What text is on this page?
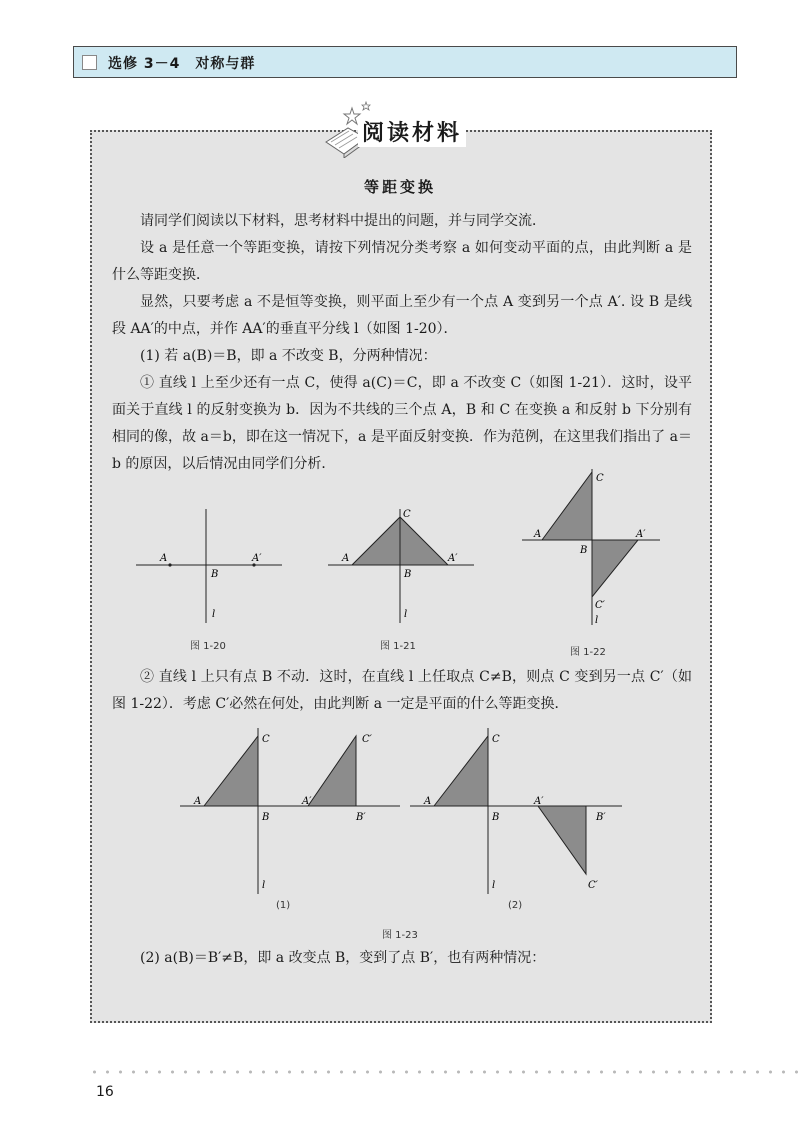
选修 3－4　对称与群
阅读材料
等距变换

请同学们阅读以下材料，思考材料中提出的问题，并与同学交流．

设 a 是任意一个等距变换，请按下列情况分类考察 a 如何变动平面的点，由此判断 a 是什么等距变换．

显然，只要考虑 a 不是恒等变换，则平面上至少有一个点 A 变到另一个点 A′. 设 B 是线段 AA′的中点，并作 AA′的垂直平分线 l（如图 1-20）．

(1) 若 a(B)＝B，即 a 不改变 B，分两种情况：

① 直线 l 上至少还有一点 C，使得 a(C)＝C，即 a 不改变 C（如图 1-21）．这时，设平面关于直线 l 的反射变换为 b．因为不共线的三个点 A，B 和 C 在变换 a 和反射 b 下分别有相同的像，故 a＝b，即在这一情况下，a 是平面反射变换．作为范例，在这里我们指出了 a＝b 的原因，以后情况由同学们分析．

A	A′
B
l
图 1-20
A	A′
C
B
l
图 1-21
A	A′
C
B
C′
l
图 1-22

② 直线 l 上只有点 B 不动．这时，在直线 l 上任取点 C≠B，则点 C 变到另一点 C′（如图 1-22）．考虑 C′必然在何处，由此判断 a 一定是平面的什么等距变换．

A
C
B
A′
C′
B′
l
(1)
A
C
B
A′
B′
C′
l
(2)
图 1-23

(2) a(B)＝B′≠B，即 a 改变点 B，变到了点 B′，也有两种情况：

16
